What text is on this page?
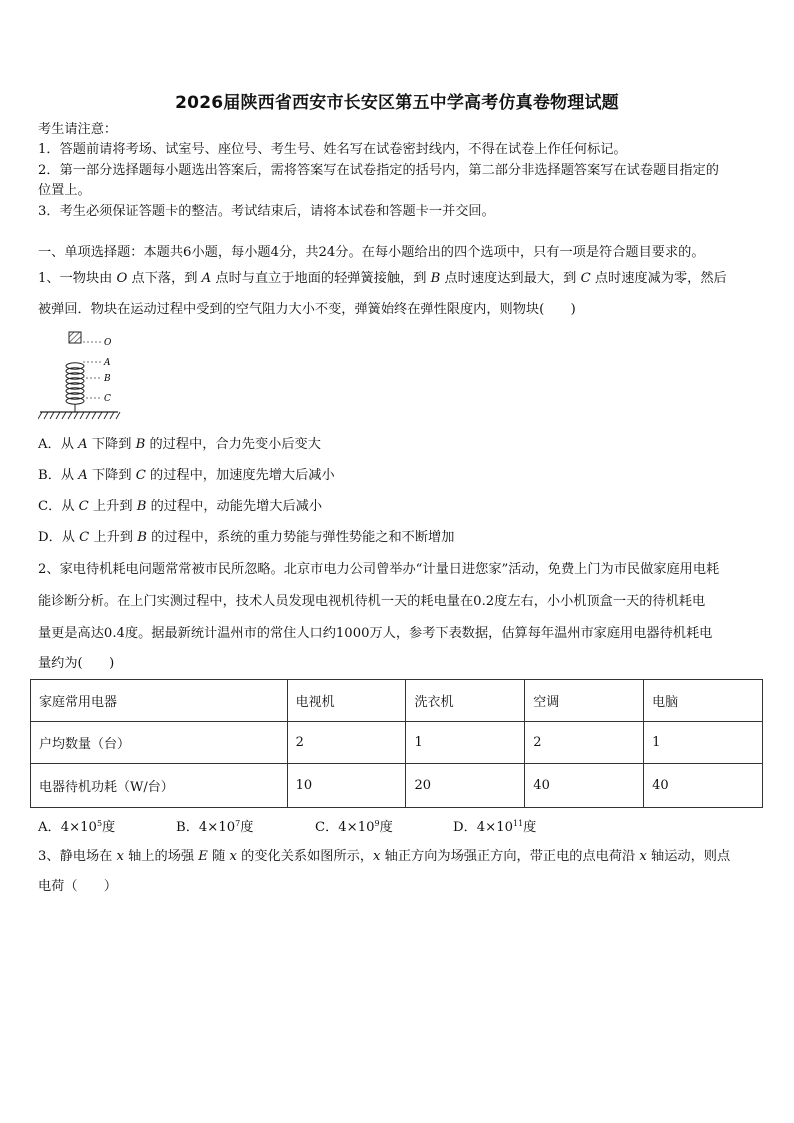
2026届陕西省西安市长安区第五中学高考仿真卷物理试题
考生请注意：
1．答题前请将考场、试室号、座位号、考生号、姓名写在试卷密封线内，不得在试卷上作任何标记。
2．第一部分选择题每小题选出答案后，需将答案写在试卷指定的括号内，第二部分非选择题答案写在试卷题目指定的
位置上。
3．考生必须保证答题卡的整洁。考试结束后，请将本试卷和答题卡一并交回。
一、单项选择题：本题共6小题，每小题4分，共24分。在每小题给出的四个选项中，只有一项是符合题目要求的。
1、一物块由 O 点下落，到 A 点时与直立于地面的轻弹簧接触，到 B 点时速度达到最大，到 C 点时速度减为零，然后
被弹回．物块在运动过程中受到的空气阻力大小不变，弹簧始终在弹性限度内，则物块(　　)
O
A
B
C
A．从 A 下降到 B 的过程中，合力先变小后变大
B．从 A 下降到 C 的过程中，加速度先增大后减小
C．从 C 上升到 B 的过程中，动能先增大后减小
D．从 C 上升到 B 的过程中，系统的重力势能与弹性势能之和不断增加
2、家电待机耗电问题常常被市民所忽略。北京市电力公司曾举办“计量日进您家”活动，免费上门为市民做家庭用电耗
能诊断分析。在上门实测过程中，技术人员发现电视机待机一天的耗电量在0.2度左右，小小机顶盒一天的待机耗电
量更是高达0.4度。据最新统计温州市的常住人口约1000万人，参考下表数据，估算每年温州市家庭用电器待机耗电
量约为(　　)
家庭常用电器	电视机	洗衣机	空调	电脑
户均数量（台）	2	1	2	1
电器待机功耗（W/台）	10	20	40	40
A．$4\times 10^5$度	B．$4\times 10^7$度	C．$4\times 10^9$度	D．$4\times 10^{11}$度
3、静电场在 x 轴上的场强 E 随 x 的变化关系如图所示，x 轴正方向为场强正方向，带正电的点电荷沿 x 轴运动，则点
电荷（　　）
